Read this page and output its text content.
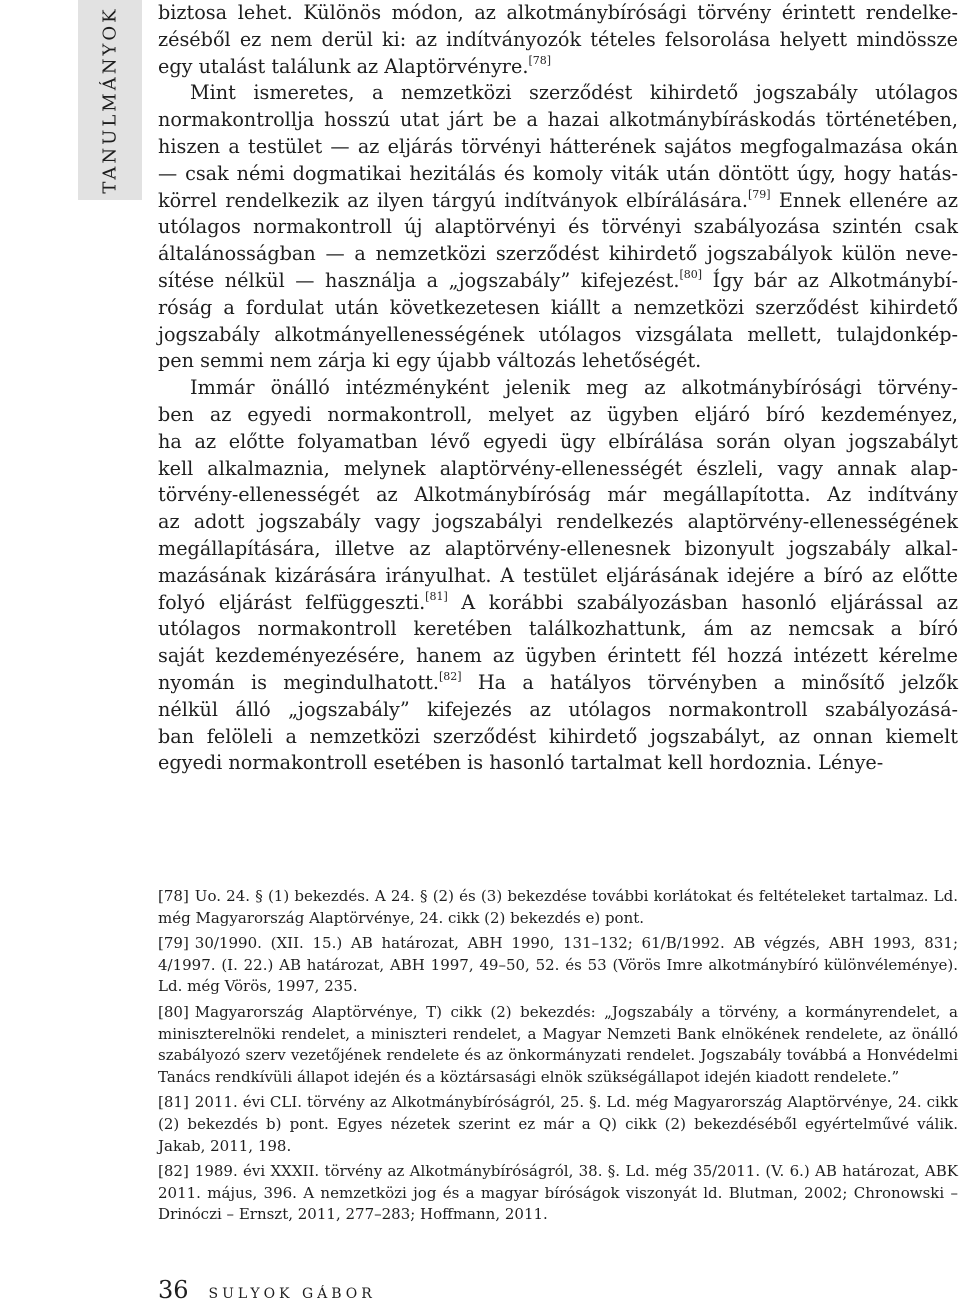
TANULMÁNYOK biztosa lehet. Különös módon, az alkotmánybírósági törvény érintett rendelke-

zéséből ez nem derül ki: az indítványozók tételes felsorolása helyett mindössze

egy utalást találunk az Alaptörvényre.[78]

Mint ismeretes, a nemzetközi szerződést kihirdető jogszabály utólagos

normakontrollja hosszú utat járt be a hazai alkotmánybíráskodás történetében,

hiszen a testület — az eljárás törvényi hátterének sajátos megfogalmazása okán

— csak némi dogmatikai hezitálás és komoly viták után döntött úgy, hogy hatás-

körrel rendelkezik az ilyen tárgyú indítványok elbírálására.[79] Ennek ellenére az

utólagos normakontroll új alaptörvényi és törvényi szabályozása szintén csak

általánosságban — a nemzetközi szerződést kihirdető jogszabályok külön neve-

sítése nélkül — használja a „jogszabály” kifejezést.[80] Így bár az Alkotmánybí-

róság a fordulat után következetesen kiállt a nemzetközi szerződést kihirdető

jogszabály alkotmányellenességének utólagos vizsgálata mellett, tulajdonkép-

pen semmi nem zárja ki egy újabb változás lehetőségét.

Immár önálló intézményként jelenik meg az alkotmánybírósági törvény-

ben az egyedi normakontroll, melyet az ügyben eljáró bíró kezdeményez,

ha az előtte folyamatban lévő egyedi ügy elbírálása során olyan jogszabályt

kell alkalmaznia, melynek alaptörvény-ellenességét észleli, vagy annak alap-

törvény-ellenességét az Alkotmánybíróság már megállapította. Az indítvány

az adott jogszabály vagy jogszabályi rendelkezés alaptörvény-ellenességének

megállapítására, illetve az alaptörvény-ellenesnek bizonyult jogszabály alkal-

mazásának kizárására irányulhat. A testület eljárásának idejére a bíró az előtte

folyó eljárást felfüggeszti.[81] A korábbi szabályozásban hasonló eljárással az

utólagos normakontroll keretében találkozhattunk, ám az nemcsak a bíró

saját kezdeményezésére, hanem az ügyben érintett fél hozzá intézett kérelme

nyomán is megindulhatott.[82] Ha a hatályos törvényben a minősítő jelzők

nélkül álló „jogszabály” kifejezés az utólagos normakontroll szabályozásá-

ban felöleli a nemzetközi szerződést kihirdető jogszabályt, az onnan kiemelt

egyedi normakontroll esetében is hasonló tartalmat kell hordoznia. Lénye-

[78] Uo. 24. § (1) bekezdés. A 24. § (2) és (3) bekezdése további korlátokat és feltételeket tartalmaz. Ld. még Magyarország Alaptörvénye, 24. cikk (2) bekezdés e) pont.

[79] 30/1990. (XII. 15.) AB határozat, ABH 1990, 131–132; 61/B/1992. AB végzés, ABH 1993, 831; 4/1997. (I. 22.) AB határozat, ABH 1997, 49–50, 52. és 53 (Vörös Imre alkotmánybíró különvéleménye). Ld. még Vörös, 1997, 235.

[80] Magyarország Alaptörvénye, T) cikk (2) bekezdés: „Jogszabály a törvény, a kormányrendelet, a miniszterelnöki rendelet, a miniszteri rendelet, a Magyar Nemzeti Bank elnökének rendelete, az önálló szabályozó szerv vezetőjének rendelete és az önkormányzati rendelet. Jogszabály továbbá a Honvédelmi Tanács rendkívüli állapot idején és a köztársasági elnök szükségállapot idején kiadott rendelete.”

[81] 2011. évi CLI. törvény az Alkotmánybíróságról, 25. §. Ld. még Magyarország Alaptörvénye, 24. cikk (2) bekezdés b) pont. Egyes nézetek szerint ez már a Q) cikk (2) bekezdéséből egyértelművé válik. Jakab, 2011, 198.

[82] 1989. évi XXXII. törvény az Alkotmánybíróságról, 38. §. Ld. még 35/2011. (V. 6.) AB határozat, ABK 2011. május, 396. A nemzetközi jog és a magyar bíróságok viszonyát ld. Blutman, 2002; Chronowski – Drinóczi – Ernszt, 2011, 277–283; Hoffmann, 2011.

36 SULYOK GÁBOR
